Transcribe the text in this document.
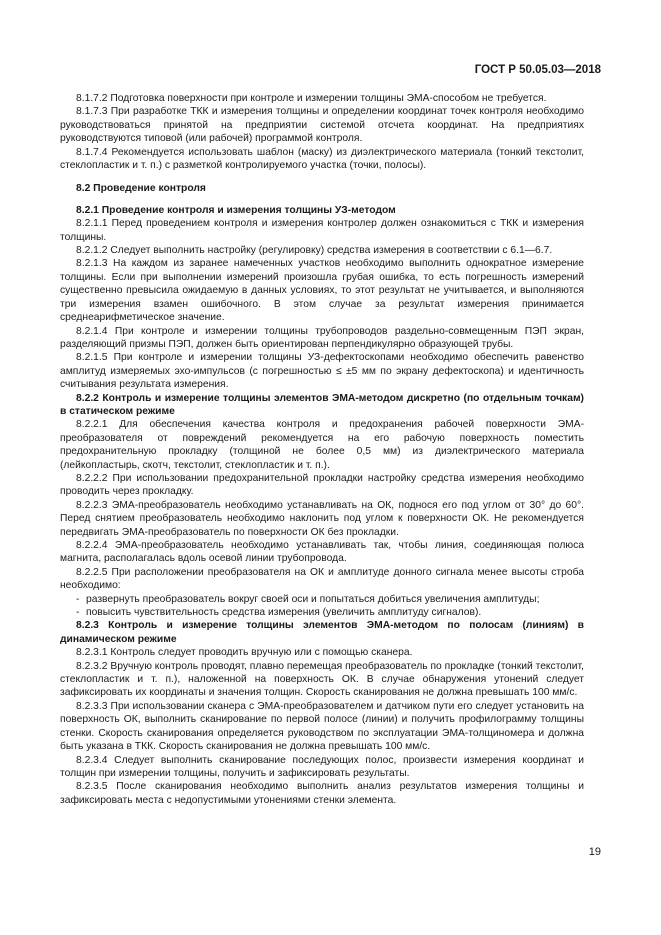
ГОСТ Р 50.05.03—2018

8.1.7.2 Подготовка поверхности при контроле и измерении толщины ЭМА-способом не требуется.

8.1.7.3 При разработке ТКК и измерения толщины и определении координат точек контроля необходимо руководствоваться принятой на предприятии системой отсчета координат. На предприятиях руководствуются типовой (или рабочей) программой контроля.

8.1.7.4 Рекомендуется использовать шаблон (маску) из диэлектрического материала (тонкий текстолит, стеклопластик и т. п.) с разметкой контролируемого участка (точки, полосы).

8.2 Проведение контроля

8.2.1 Проведение контроля и измерения толщины УЗ-методом

8.2.1.1 Перед проведением контроля и измерения контролер должен ознакомиться с ТКК и измерения толщины.

8.2.1.2 Следует выполнить настройку (регулировку) средства измерения в соответствии с 6.1—6.7.

8.2.1.3 На каждом из заранее намеченных участков необходимо выполнить однократное измерение толщины. Если при выполнении измерений произошла грубая ошибка, то есть погрешность измерений существенно превысила ожидаемую в данных условиях, то этот результат не учитывается, и выполняются три измерения взамен ошибочного. В этом случае за результат измерения принимается среднеарифметическое значение.

8.2.1.4 При контроле и измерении толщины трубопроводов раздельно-совмещенным ПЭП экран, разделяющий призмы ПЭП, должен быть ориентирован перпендикулярно образующей трубы.

8.2.1.5 При контроле и измерении толщины УЗ-дефектоскопами необходимо обеспечить равенство амплитуд измеряемых эхо-импульсов (с погрешностью ≤ ±5 мм по экрану дефектоскопа) и идентичность считывания результата измерения.

8.2.2 Контроль и измерение толщины элементов ЭМА-методом дискретно (по отдельным точкам) в статическом режиме

8.2.2.1 Для обеспечения качества контроля и предохранения рабочей поверхности ЭМА-преобразователя от повреждений рекомендуется на его рабочую поверхность поместить предохранительную прокладку (толщиной не более 0,5 мм) из диэлектрического материала (лейкопластырь, скотч, текстолит, стеклопластик и т. п.).

8.2.2.2 При использовании предохранительной прокладки настройку средства измерения необходимо проводить через прокладку.

8.2.2.3 ЭМА-преобразователь необходимо устанавливать на ОК, поднося его под углом от 30° до 60°. Перед снятием преобразователь необходимо наклонить под углом к поверхности ОК. Не рекомендуется передвигать ЭМА-преобразователь по поверхности ОК без прокладки.

8.2.2.4 ЭМА-преобразователь необходимо устанавливать так, чтобы линия, соединяющая полюса магнита, располагалась вдоль осевой линии трубопровода.

8.2.2.5 При расположении преобразователя на ОК и амплитуде донного сигнала менее высоты строба необходимо:

- развернуть преобразователь вокруг своей оси и попытаться добиться увеличения амплитуды;

- повысить чувствительность средства измерения (увеличить амплитуду сигналов).

8.2.3 Контроль и измерение толщины элементов ЭМА-методом по полосам (линиям) в динамическом режиме

8.2.3.1 Контроль следует проводить вручную или с помощью сканера.

8.2.3.2 Вручную контроль проводят, плавно перемещая преобразователь по прокладке (тонкий текстолит, стеклопластик и т. п.), наложенной на поверхность ОК. В случае обнаружения утонений следует зафиксировать их координаты и значения толщин. Скорость сканирования не должна превышать 100 мм/с.

8.2.3.3 При использовании сканера с ЭМА-преобразователем и датчиком пути его следует установить на поверхность ОК, выполнить сканирование по первой полосе (линии) и получить профилограмму толщины стенки. Скорость сканирования определяется руководством по эксплуатации ЭМА-толщиномера и должна быть указана в ТКК. Скорость сканирования не должна превышать 100 мм/с.

8.2.3.4 Следует выполнить сканирование последующих полос, произвести измерения координат и толщин при измерении толщины, получить и зафиксировать результаты.

8.2.3.5 После сканирования необходимо выполнить анализ результатов измерения толщины и зафиксировать места с недопустимыми утонениями стенки элемента.

19
